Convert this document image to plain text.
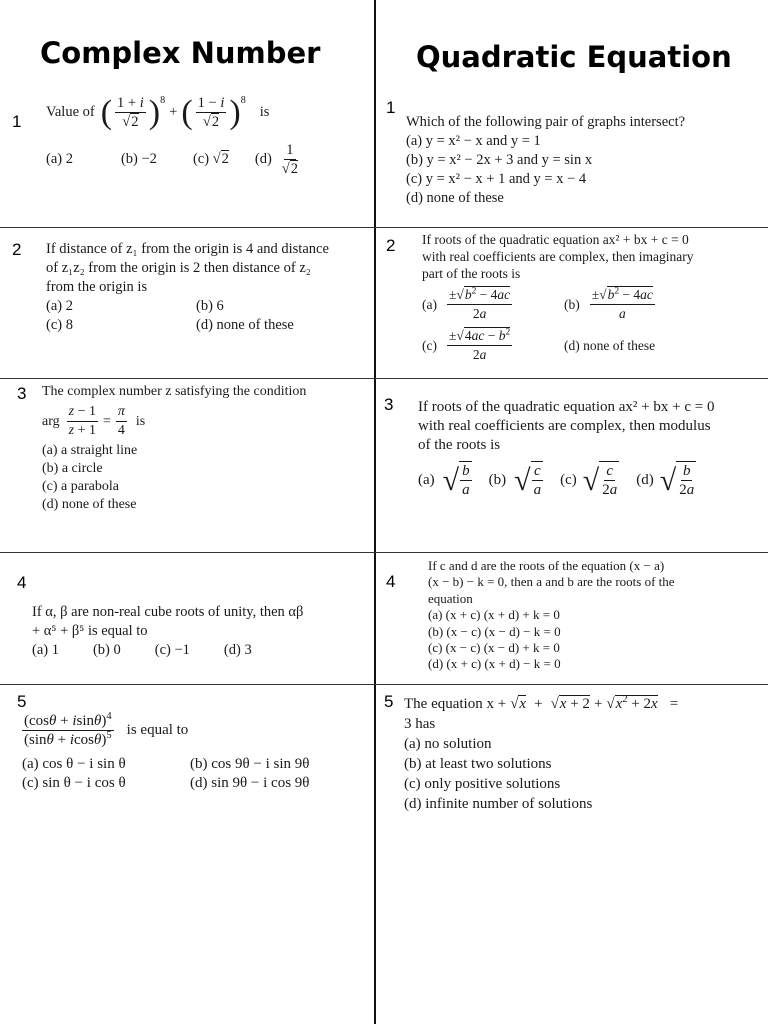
Complex Number	Quadratic Equation
1 Value of ( $\frac{1 + i}{√2}$ ) 8
+ ( $\frac{1 - i}{√2}$ ) 8
is
(a) 2	(b) −2 (c) √2 $(d) \frac{1}{√2}$
2 If distance of z₁ from the origin is 4 and distance
of z₁z₂ from the origin is 2 then distance of z₂
from the origin is
(a) 2	(b) 6
(c) 8	(d) none of these
3 The complex number z satisfying the condition
arg $\frac{z - 1}{z + 1} = \frac{\pi}{4}$ is
(a) a straight line
(b) a circle
(c) a parabola
(d) none of these
4
If α, β are non-real cube roots of unity, then αβ
+ α⁵ + β⁵ is equal to
(a) 1 (b) 0 (c) −1 (d) 3
5
$\frac{(\cos\theta + isin\theta)^4}{(\sin\theta + icos\theta)^5}$ is equal to
(a) cos θ − i sin θ	(b) cos 9θ − i sin 9θ
(c) sin θ − i cos θ	(d) sin 9θ − i cos 9θ
1
Which of the following pair of graphs intersect?
(a) y = x² − x and y = 1
(b) y = x² − 2x + 3 and y = sin x
(c) y = x² − x + 1 and y = x − 4
(d) none of these
2 If roots of the quadratic equation ax² + bx + c = 0
with real coefficients are complex, then imaginary
part of the roots is
$(a) \frac{\pm√b^2 - 4ac}{2a}$	$(b) \frac{\pm√b^2 - 4ac}{a}$
$(c) \frac{\pm√4ac - b^2}{2a}$	(d) none of these
3 If roots of the quadratic equation ax² + bx + c = 0
with real coefficients are complex, then modulus
of the roots is
(a) √ $\frac{b}{a} (b)$ √ $\frac{c}{a} (c)$ √ $\frac{c}{2a} (d)$ √ $\frac{b}{2a}$
4
If c and d are the roots of the equation (x − a)
(x − b) − k = 0, then a and b are the roots of the
equation
(a) (x + c) (x + d) + k = 0
(b) (x − c) (x − d) − k = 0
(c) (x − c) (x − d) + k = 0
(d) (x + c) (x + d) − k = 0
5 The equation $x + √x + √x + 2 + √x^2 + 2x$ =
3 has
(a) no solution
(b) at least two solutions
(c) only positive solutions
(d) infinite number of solutions
